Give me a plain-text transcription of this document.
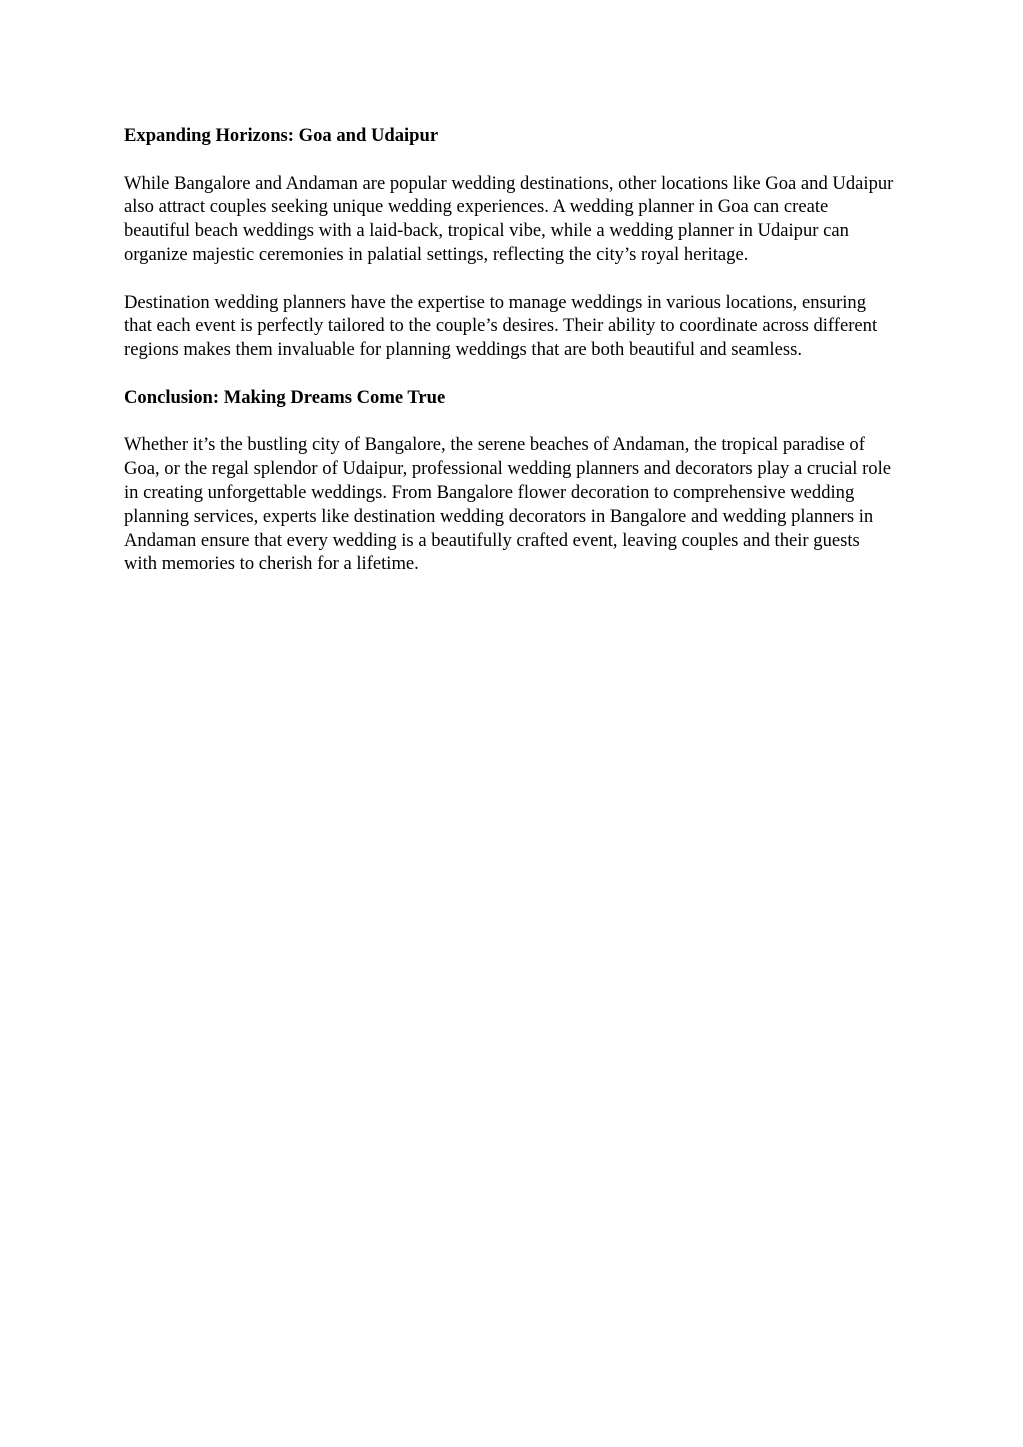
Expanding Horizons: Goa and Udaipur

While Bangalore and Andaman are popular wedding destinations, other locations like Goa and Udaipur also attract couples seeking unique wedding experiences. A wedding planner in Goa can create beautiful beach weddings with a laid-back, tropical vibe, while a wedding planner in Udaipur can organize majestic ceremonies in palatial settings, reflecting the city’s royal heritage.

Destination wedding planners have the expertise to manage weddings in various locations, ensuring that each event is perfectly tailored to the couple’s desires. Their ability to coordinate across different regions makes them invaluable for planning weddings that are both beautiful and seamless.

Conclusion: Making Dreams Come True

Whether it’s the bustling city of Bangalore, the serene beaches of Andaman, the tropical paradise of Goa, or the regal splendor of Udaipur, professional wedding planners and decorators play a crucial role in creating unforgettable weddings. From Bangalore flower decoration to comprehensive wedding planning services, experts like destination wedding decorators in Bangalore and wedding planners in Andaman ensure that every wedding is a beautifully crafted event, leaving couples and their guests with memories to cherish for a lifetime.
